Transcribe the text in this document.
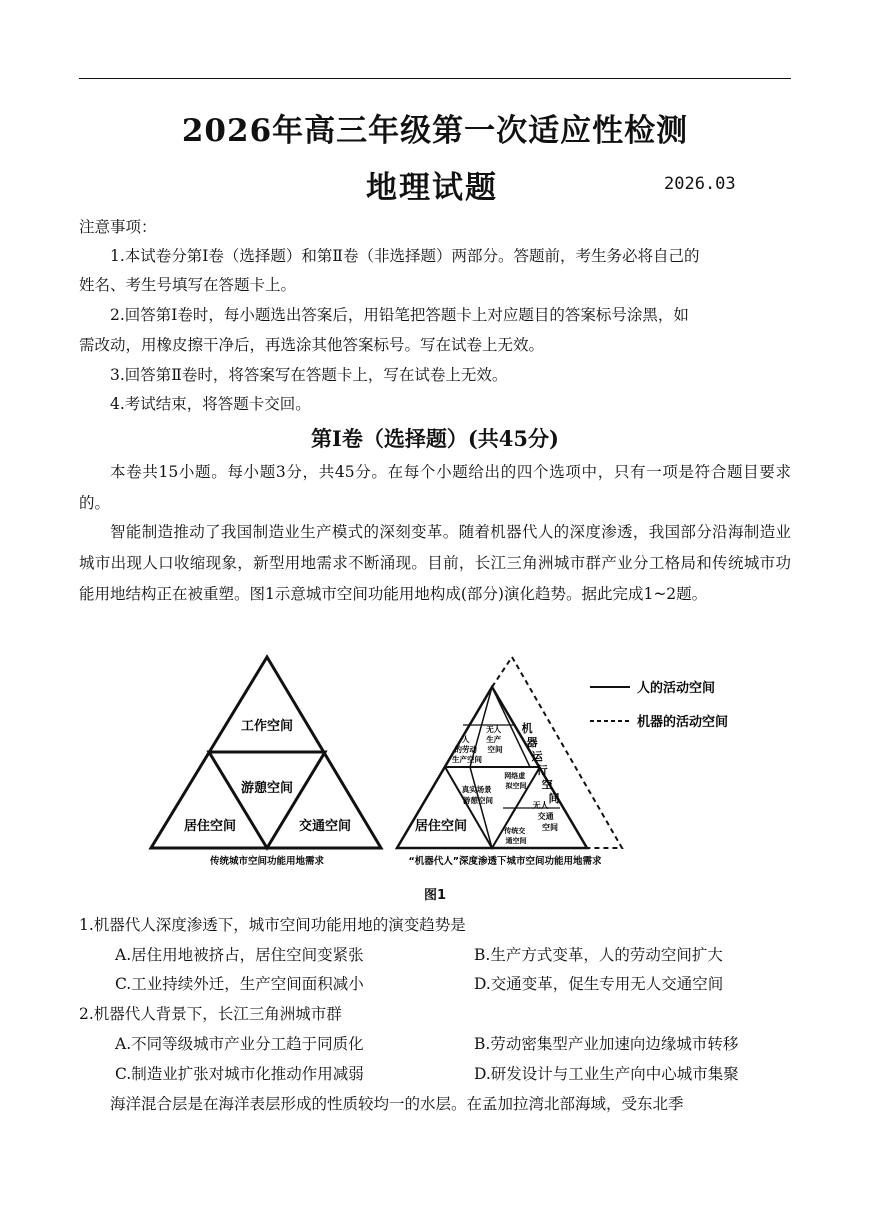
2026年高三年级第一次适应性检测
地理试题	2026.03

注意事项：

1.本试卷分第Ⅰ卷（选择题）和第Ⅱ卷（非选择题）两部分。答题前，考生务必将自己的

姓名、考生号填写在答题卡上。

2.回答第Ⅰ卷时，每小题选出答案后，用铅笔把答题卡上对应题目的答案标号涂黑，如

需改动，用橡皮擦干净后，再选涂其他答案标号。写在试卷上无效。

3.回答第Ⅱ卷时，将答案写在答题卡上，写在试卷上无效。

4.考试结束，将答题卡交回。

第Ⅰ卷（选择题）(共45分)

本卷共15小题。每小题3分，共45分。在每个小题给出的四个选项中，只有一项是符合题目要求的。

智能制造推动了我国制造业生产模式的深刻变革。随着机器代人的深度渗透，我国部分沿海制造业城市出现人口收缩现象，新型用地需求不断涌现。目前，长江三角洲城市群产业分工格局和传统城市功能用地结构正在被重塑。图1示意城市空间功能用地构成(部分)演化趋势。据此完成1~2题。

工作空间
游憩空间
居住空间	交通空间
传统城市空间功能用地需求
人 的劳动 生产空间
无人 生产 空间
机 器 运 行 空 间
真实场景 游憩空间
网络虚 拟空间
无人 交通 空间
传统交 通空间
居住空间
“机器代人”深度渗透下城市空间功能用地需求
人的活动空间
机器的活动空间
图1
1.机器代人深度渗透下，城市空间功能用地的演变趋势是
A.居住用地被挤占，居住空间变紧张	B.生产方式变革，人的劳动空间扩大
C.工业持续外迁，生产空间面积减小	D.交通变革，促生专用无人交通空间
2.机器代人背景下，长江三角洲城市群
A.不同等级城市产业分工趋于同质化	B.劳动密集型产业加速向边缘城市转移
C.制造业扩张对城市化推动作用减弱	D.研发设计与工业生产向中心城市集聚

海洋混合层是在海洋表层形成的性质较均一的水层。在孟加拉湾北部海域，受东北季
